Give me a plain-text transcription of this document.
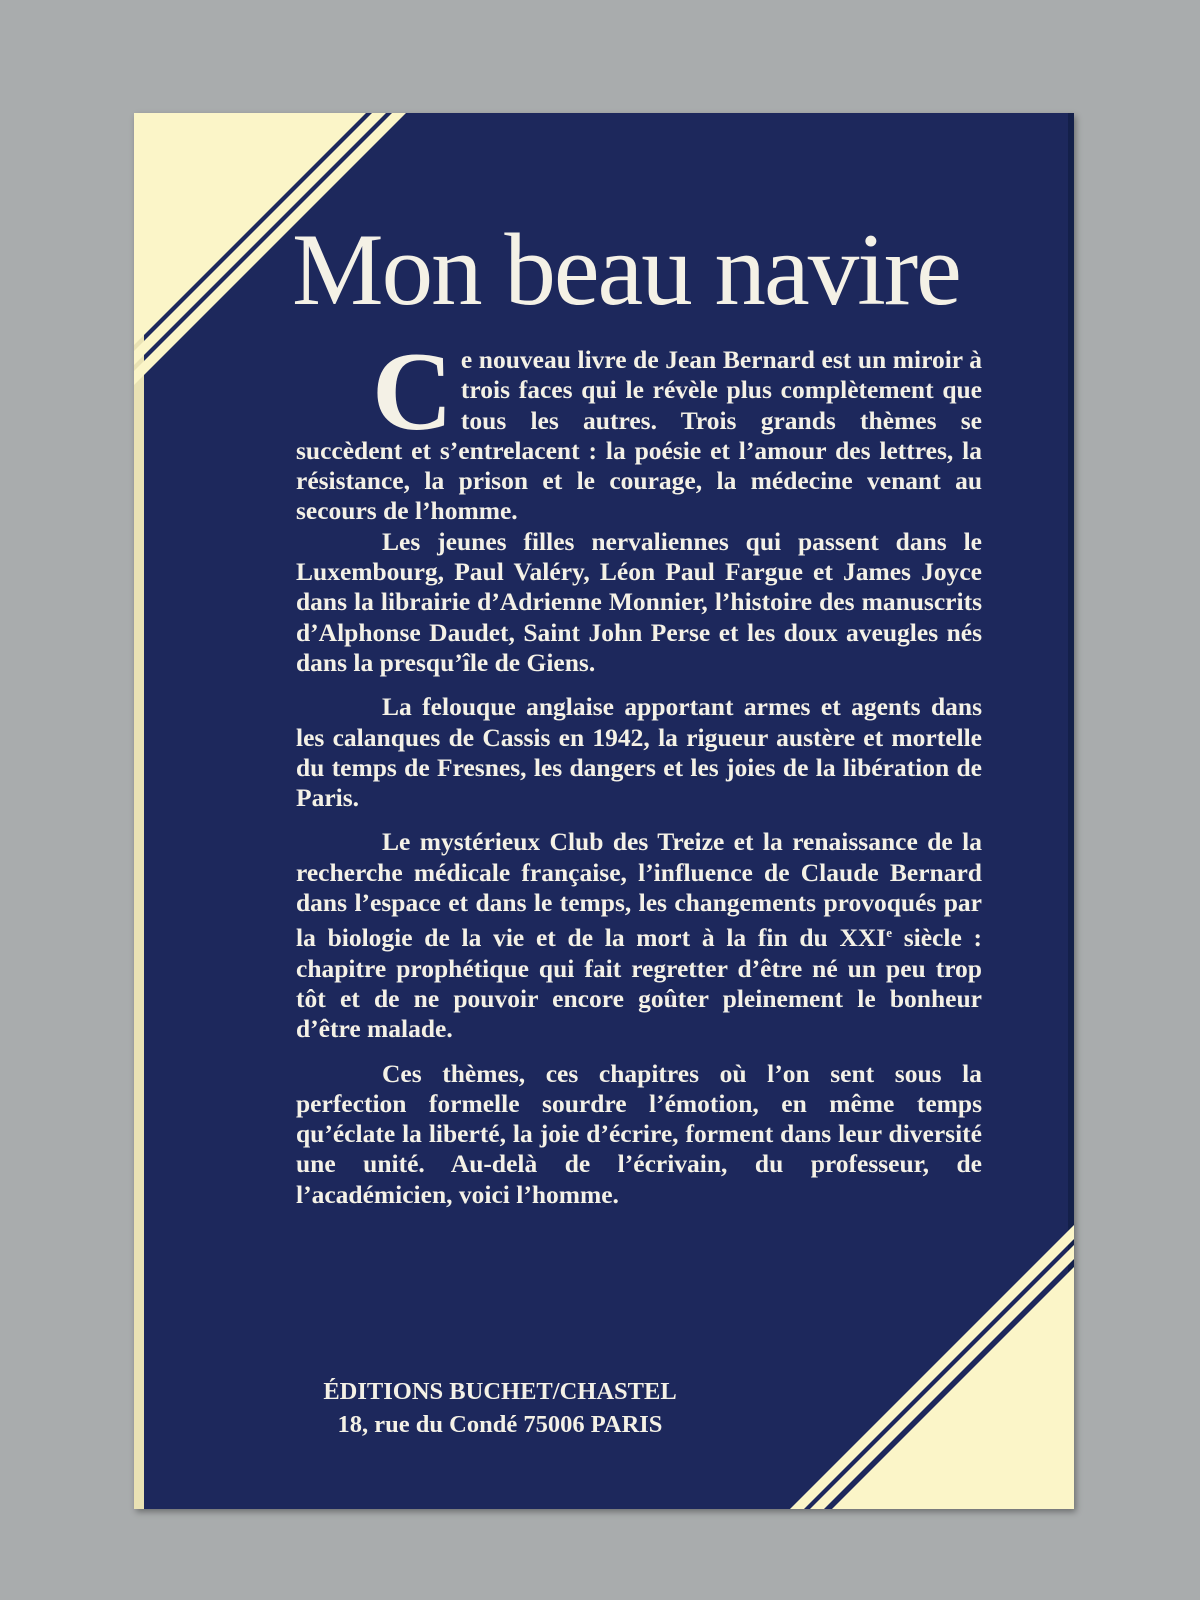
Mon beau navire

Ce nouveau livre de Jean Bernard est un miroir à trois faces qui le révèle plus complètement que tous les autres. Trois grands thèmes se succèdent et s’entrelacent : la poésie et l’amour des lettres, la résistance, la prison et le courage, la médecine venant au secours de l’homme.

Les jeunes filles nervaliennes qui passent dans le Luxembourg, Paul Valéry, Léon Paul Fargue et James Joyce dans la librairie d’Adrienne Monnier, l’histoire des manuscrits d’Alphonse Daudet, Saint John Perse et les doux aveugles nés dans la presqu’île de Giens.

La felouque anglaise apportant armes et agents dans les calanques de Cassis en 1942, la rigueur austère et mortelle du temps de Fresnes, les dangers et les joies de la libération de Paris.

Le mystérieux Club des Treize et la renaissance de la recherche médicale française, l’influence de Claude Bernard dans l’espace et dans le temps, les changements provoqués par la biologie de la vie et de la mort à la fin du XXIe siècle : chapitre prophétique qui fait regretter d’être né un peu trop tôt et de ne pouvoir encore goûter pleinement le bonheur d’être malade.

Ces thèmes, ces chapitres où l’on sent sous la perfection formelle sourdre l’émotion, en même temps qu’éclate la liberté, la joie d’écrire, forment dans leur diversité une unité. Au-delà de l’écrivain, du professeur, de l’académicien, voici l’homme.

ÉDITIONS BUCHET/CHASTEL
18, rue du Condé 75006 PARIS
